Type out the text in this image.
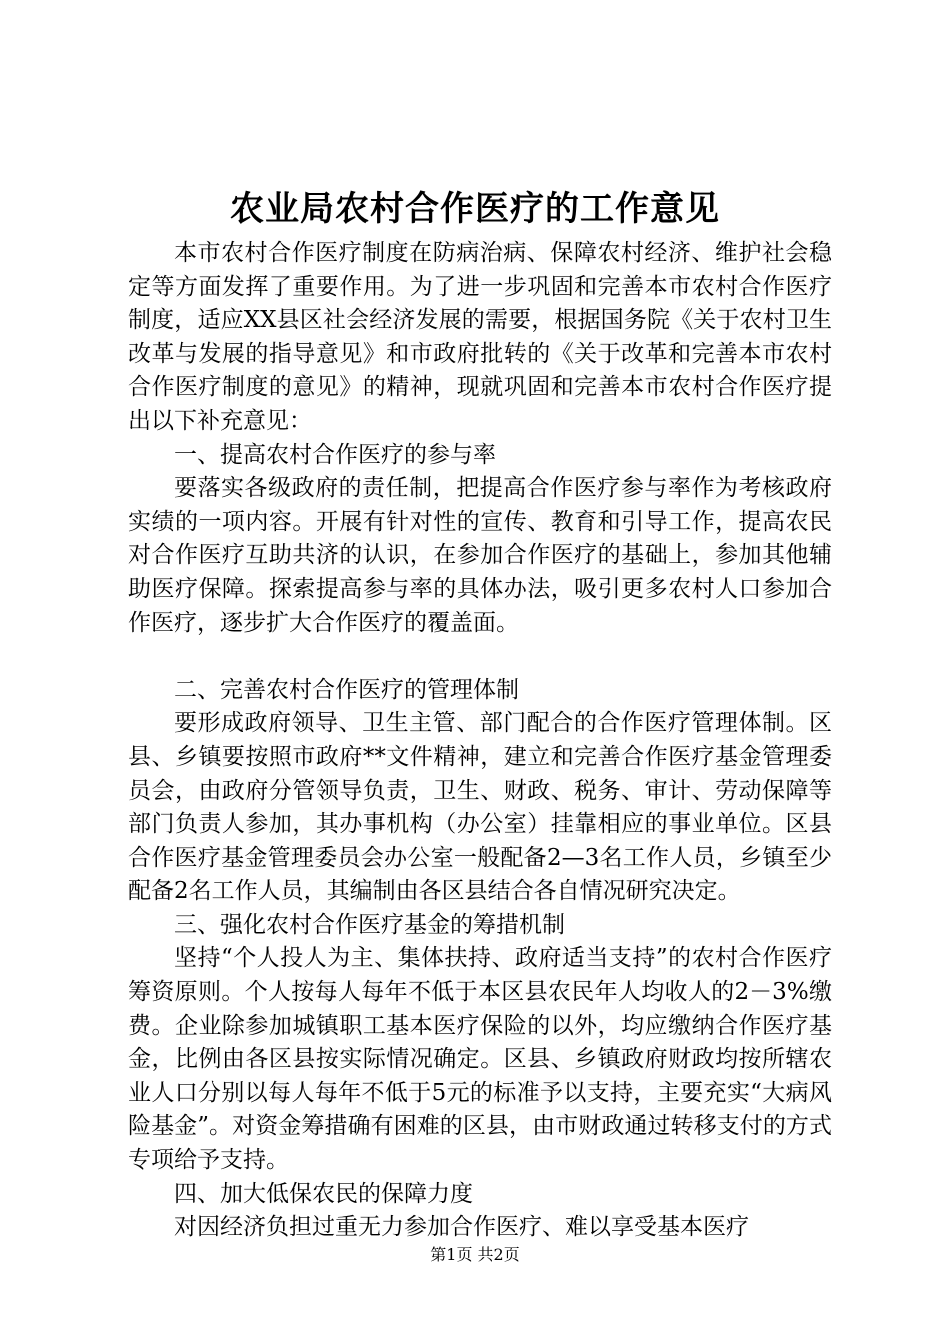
农业局农村合作医疗的工作意见

本市农村合作医疗制度在防病治病、保障农村经济、维护社会稳定等方面发挥了重要作用。为了进一步巩固和完善本市农村合作医疗制度，适应XX县区社会经济发展的需要，根据国务院《关于农村卫生改革与发展的指导意见》和市政府批转的《关于改革和完善本市农村合作医疗制度的意见》的精神，现就巩固和完善本市农村合作医疗提出以下补充意见：

一、提高农村合作医疗的参与率

要落实各级政府的责任制，把提高合作医疗参与率作为考核政府实绩的一项内容。开展有针对性的宣传、教育和引导工作，提高农民对合作医疗互助共济的认识，在参加合作医疗的基础上，参加其他辅助医疗保障。探索提高参与率的具体办法，吸引更多农村人口参加合作医疗，逐步扩大合作医疗的覆盖面。

二、完善农村合作医疗的管理体制

要形成政府领导、卫生主管、部门配合的合作医疗管理体制。区县、乡镇要按照市政府**文件精神，建立和完善合作医疗基金管理委员会，由政府分管领导负责，卫生、财政、税务、审计、劳动保障等部门负责人参加，其办事机构（办公室）挂靠相应的事业单位。区县合作医疗基金管理委员会办公室一般配备2—3名工作人员，乡镇至少配备2名工作人员，其编制由各区县结合各自情况研究决定。

三、强化农村合作医疗基金的筹措机制

坚持“个人投人为主、集体扶持、政府适当支持”的农村合作医疗筹资原则。个人按每人每年不低于本区县农民年人均收人的2－3%缴费。企业除参加城镇职工基本医疗保险的以外，均应缴纳合作医疗基金，比例由各区县按实际情况确定。区县、乡镇政府财政均按所辖农业人口分别以每人每年不低于5元的标准予以支持，主要充实“大病风险基金”。对资金筹措确有困难的区县，由市财政通过转移支付的方式专项给予支持。

四、加大低保农民的保障力度

对因经济负担过重无力参加合作医疗、难以享受基本医疗

第1页 共2页
